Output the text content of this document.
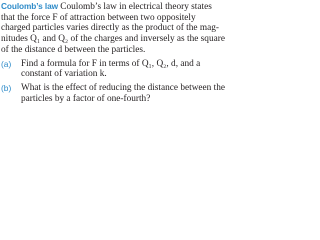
Coulomb’s law Coulomb’s law in electrical theory states
that the force F of attraction between two oppositely
charged particles varies directly as the product of the mag-
nitudes Q₁ and Q₂ of the charges and inversely as the square
of the distance d between the particles.

(a) Find a formula for F in terms of Q₁, Q₂, d, and a
constant of variation k.
(b) What is the effect of reducing the distance between the
particles by a factor of one-fourth?
